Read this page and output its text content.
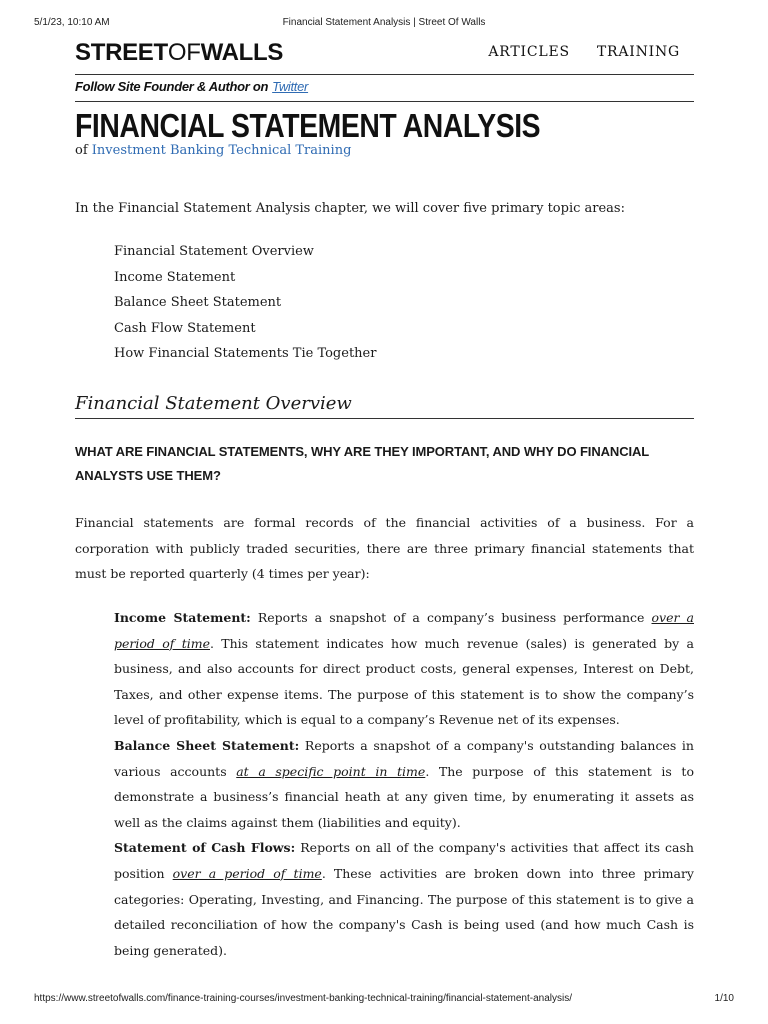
5/1/23, 10:10 AM	Financial Statement Analysis | Street Of Walls
STREETOFWALLS	ARTICLES TRAINING
Follow Site Founder & Author on Twitter
FINANCIAL STATEMENT ANALYSIS
of Investment Banking Technical Training

In the Financial Statement Analysis chapter, we will cover five primary topic areas:

Financial Statement Overview
Income Statement
Balance Sheet Statement
Cash Flow Statement
How Financial Statements Tie Together
Financial Statement Overview
WHAT ARE FINANCIAL STATEMENTS, WHY ARE THEY IMPORTANT, AND WHY DO FINANCIAL ANALYSTS USE THEM?

Financial statements are formal records of the financial activities of a business. For a corporation with publicly traded securities, there are three primary financial statements that must be reported quarterly (4 times per year):

Income Statement: Reports a snapshot of a company’s business performance over a period of time. This statement indicates how much revenue (sales) is generated by a business, and also accounts for direct product costs, general expenses, Interest on Debt, Taxes, and other expense items. The purpose of this statement is to show the company’s level of profitability, which is equal to a company’s Revenue net of its expenses.

Balance Sheet Statement: Reports a snapshot of a company's outstanding balances in various accounts at a specific point in time. The purpose of this statement is to demonstrate a business’s financial heath at any given time, by enumerating it assets as well as the claims against them (liabilities and equity).

Statement of Cash Flows: Reports on all of the company's activities that affect its cash position over a period of time. These activities are broken down into three primary categories: Operating, Investing, and Financing. The purpose of this statement is to give a detailed reconciliation of how the company's Cash is being used (and how much Cash is being generated).

https://www.streetofwalls.com/finance-training-courses/investment-banking-technical-training/financial-statement-analysis/	1/10
